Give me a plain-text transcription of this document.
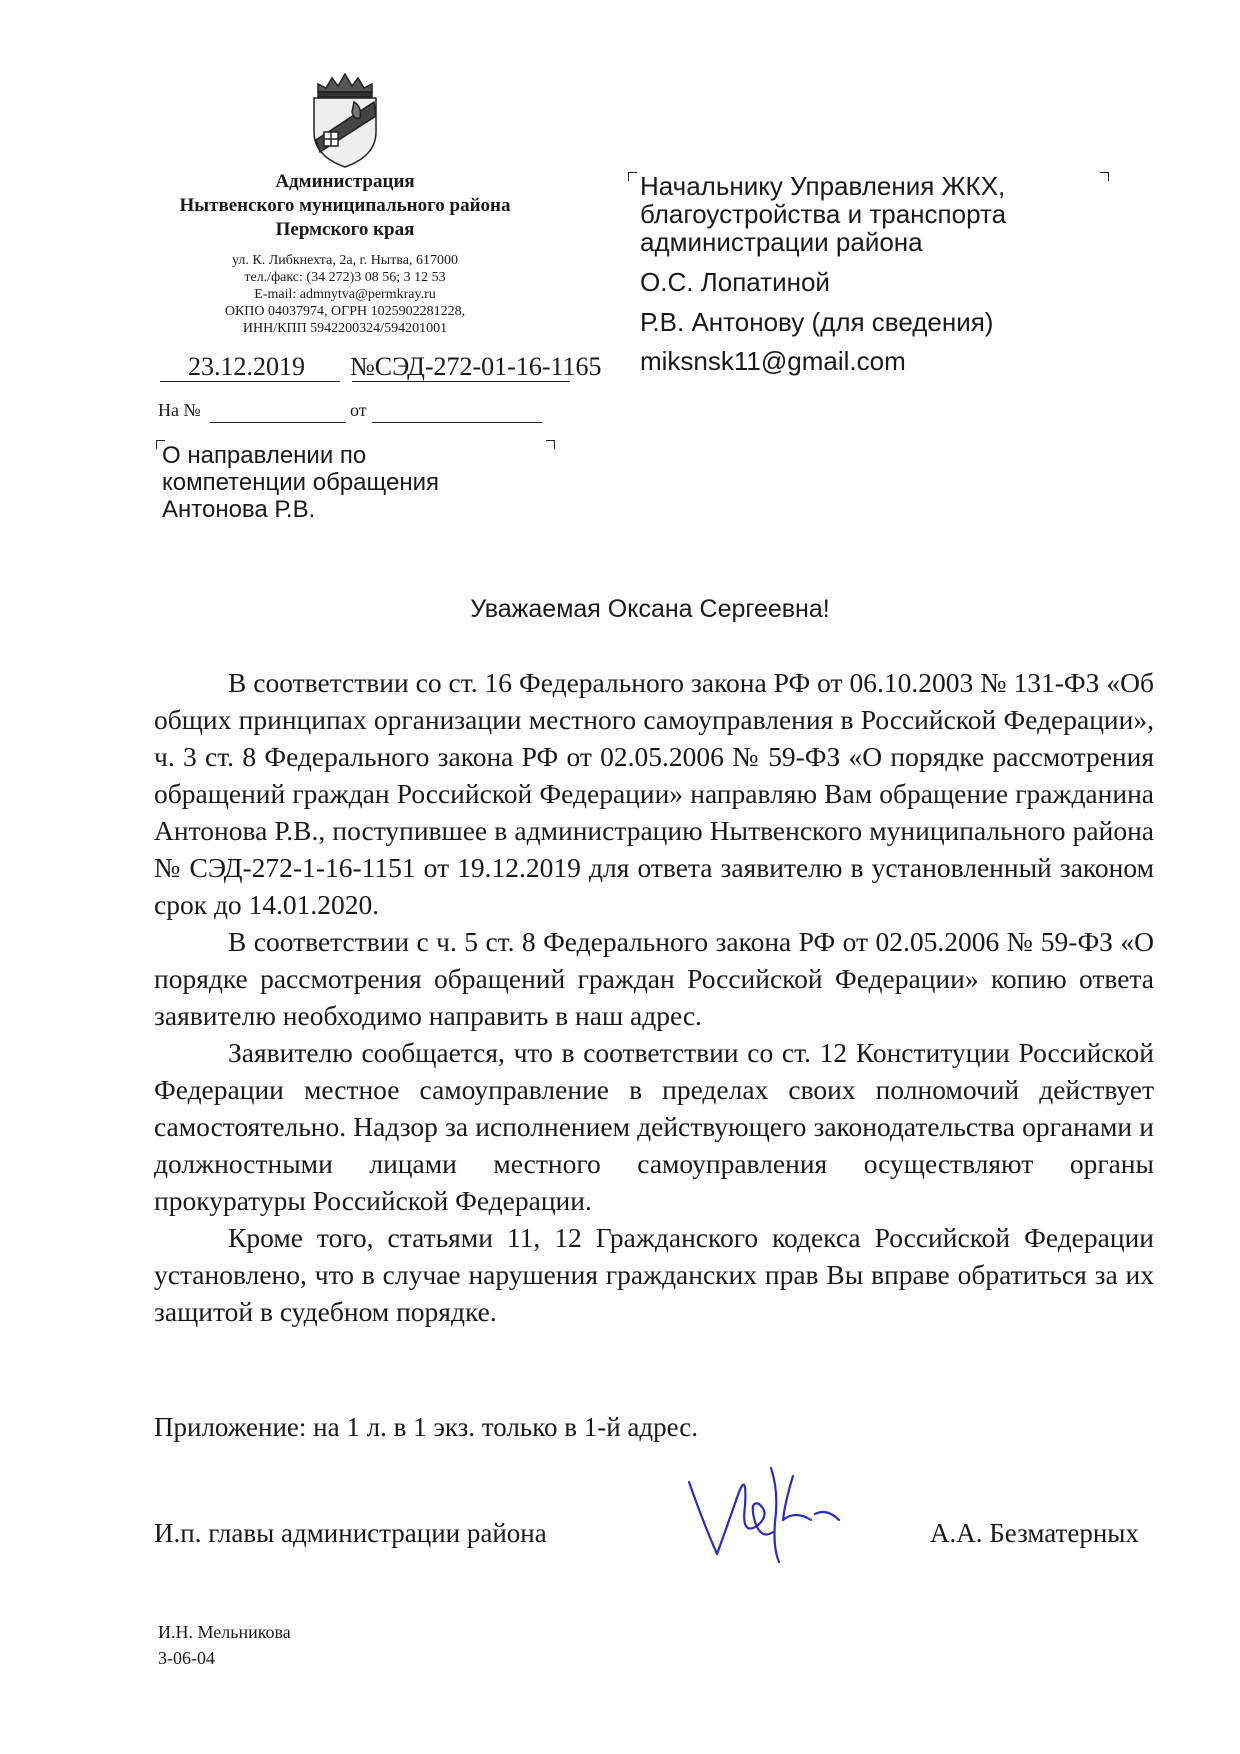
Администрация
Нытвенского муниципального района
Пермского края
ул. К. Либкнехта, 2а, г. Нытва, 617000
тел./факс: (34 272)3 08 56; 3 12 53
E-mail: admnytva@permkray.ru
ОКПО 04037974, ОГРН 1025902281228,
ИНН/КПП 5942200324/594201001
23.12.2019 №СЭД-272-01-16-1165
На №	от
Начальнику Управления ЖКХ,
благоустройства и транспорта
администрации района
О.С. Лопатиной
Р.В. Антонову (для сведения)
miksnsk11@gmail.com
О направлении по
компетенции обращения
Антонова Р.В.
Уважаемая Оксана Сергеевна!

В соответствии со ст. 16 Федерального закона РФ от 06.10.2003 № 131-ФЗ «Об общих принципах организации местного самоуправления в Российской Федерации», ч. 3 ст. 8 Федерального закона РФ от 02.05.2006 № 59-ФЗ «О порядке рассмотрения обращений граждан Российской Федерации» направляю Вам обращение гражданина Антонова Р.В., поступившее в администрацию Нытвенского муниципального района № СЭД-272-1-16-1151 от 19.12.2019 для ответа заявителю в установленный законом срок до 14.01.2020.

В соответствии с ч. 5 ст. 8 Федерального закона РФ от 02.05.2006 № 59-ФЗ «О порядке рассмотрения обращений граждан Российской Федерации» копию ответа заявителю необходимо направить в наш адрес.

Заявителю сообщается, что в соответствии со ст. 12 Конституции Российской Федерации местное самоуправление в пределах своих полномочий действует самостоятельно. Надзор за исполнением действующего законодательства органами и должностными лицами местного самоуправления осуществляют органы прокуратуры Российской Федерации.

Кроме того, статьями 11, 12 Гражданского кодекса Российской Федерации установлено, что в случае нарушения гражданских прав Вы вправе обратиться за их защитой в судебном порядке.

Приложение: на 1 л. в 1 экз. только в 1-й адрес.
И.п. главы администрации района	А.А. Безматерных
И.Н. Мельникова
3-06-04
